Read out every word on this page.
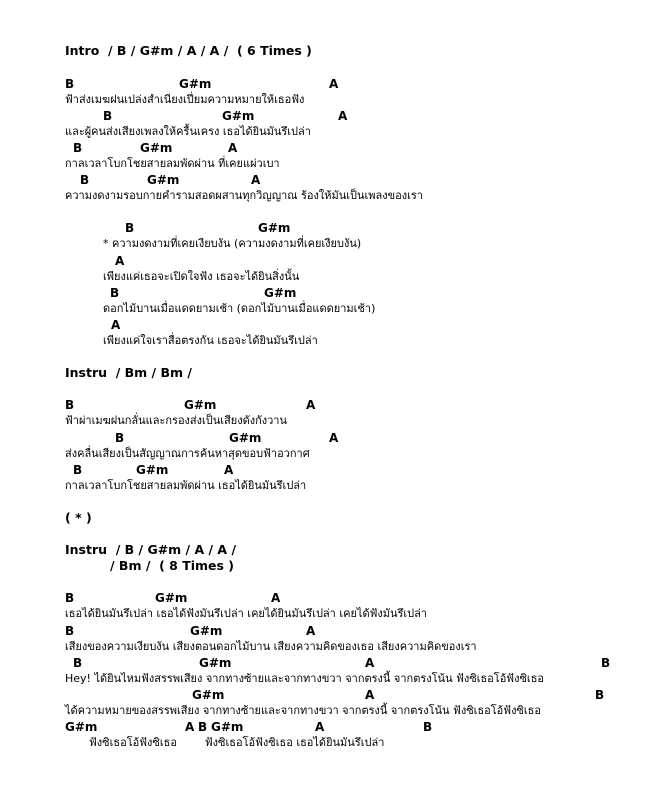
Intro  / B / G#m / A / A /  ( 6 Times )
B	G#m	A
ฟ้าส่งเมฆฝนเปล่งสำเนียงเปี่ยมความหมายให้เธอฟัง
B	G#m	A
และผู้คนส่งเสียงเพลงให้ครื้นเครง เธอได้ยินมันรึเปล่า
B	G#m	A
กาลเวลาโบกโชยสายลมพัดผ่าน ที่เคยแผ่วเบา
B	G#m	A
ความงดงามรอบกายคำรามสอดผสานทุกวิญญาณ ร้องให้มันเป็นเพลงของเรา
B	G#m
* ความงดงามที่เคยเงียบงัน (ความงดงามที่เคยเงียบงัน)
A
เพียงแค่เธอจะเปิดใจฟัง เธอจะได้ยินสิ่งนั้น
B	G#m
ดอกไม้บานเมื่อแดดยามเช้า (ดอกไม้บานเมื่อแดดยามเช้า)
A
เพียงแค่ใจเราสื่อตรงกัน เธอจะได้ยินมันรึเปล่า
Instru  / Bm / Bm /
B	G#m	A
ฟ้าผ่าเมฆฝนกลั่นและกรองส่งเป็นเสียงดังกังวาน
B	G#m	A
ส่งคลื่นเสียงเป็นสัญญาณการค้นหาสุดขอบฟ้าอวกาศ
B	G#m	A
กาลเวลาโบกโชยสายลมพัดผ่าน เธอได้ยินมันรึเปล่า
( * )
Instru  / B / G#m / A / A /
/ Bm /  ( 8 Times )
B	G#m	A
เธอได้ยินมันรึเปล่า เธอได้ฟังมันรึเปล่า เคยได้ยินมันรึเปล่า เคยได้ฟังมันรึเปล่า
B	G#m	A
เสียงของความเงียบงัน เสียงตอนดอกไม้บาน เสียงความคิดของเธอ เสียงความคิดของเรา
B	G#m	A	B
Hey! ได้ยินไหมฟังสรรพเสียง จากทางซ้ายและจากทางขวา จากตรงนี้ จากตรงโน้น ฟังซิเธอโอ้ฟังซิเธอ
G#m	A	B
ได้ความหมายของสรรพเสียง จากทางซ้ายและจากทางขวา จากตรงนี้ จากตรงโน้น ฟังซิเธอโอ้ฟังซิเธอ
G#m	A B G#m	A	B
ฟังซิเธอโอ้ฟังซิเธอ        ฟังซิเธอโอ้ฟังซิเธอ เธอได้ยินมันรึเปล่า
